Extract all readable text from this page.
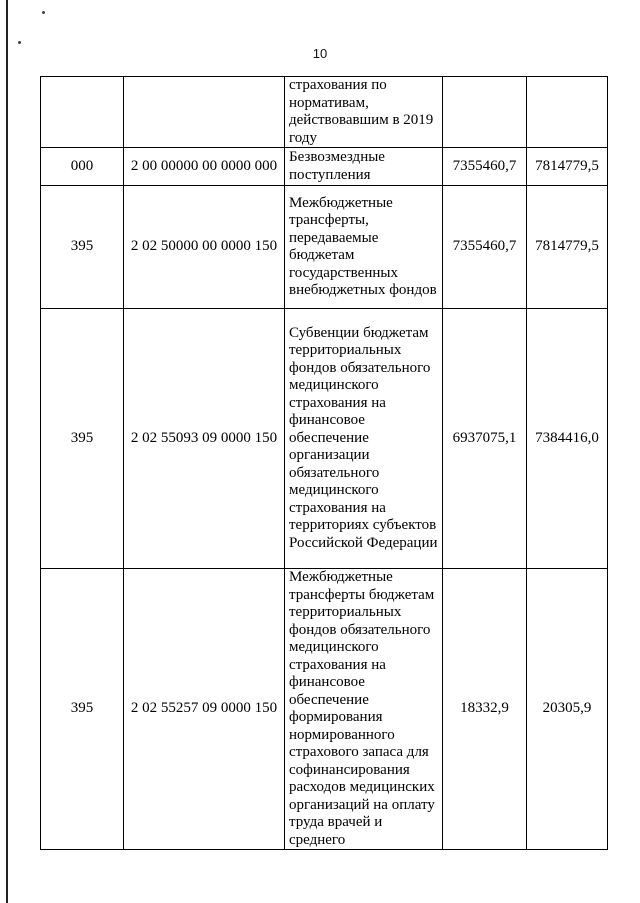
10
		страхования по нормативам, действовавшим в 2019 году		
000	2 00 00000 00 0000 000	Безвозмездные поступления	7355460,7	7814779,5
395	2 02 50000 00 0000 150	Межбюджетные трансферты, передаваемые бюджетам государственных внебюджетных фондов	7355460,7	7814779,5
395	2 02 55093 09 0000 150	Субвенции бюджетам территориальных фондов обязательного медицинского страхования на финансовое обеспечение организации обязательного медицинского страхования на территориях субъектов Российской Федерации	6937075,1	7384416,0
395	2 02 55257 09 0000 150	Межбюджетные трансферты бюджетам территориальных фондов обязательного медицинского страхования на финансовое обеспечение формирования нормированного страхового запаса для софинансирования расходов медицинских организаций на оплату труда врачей и среднего	18332,9	20305,9
